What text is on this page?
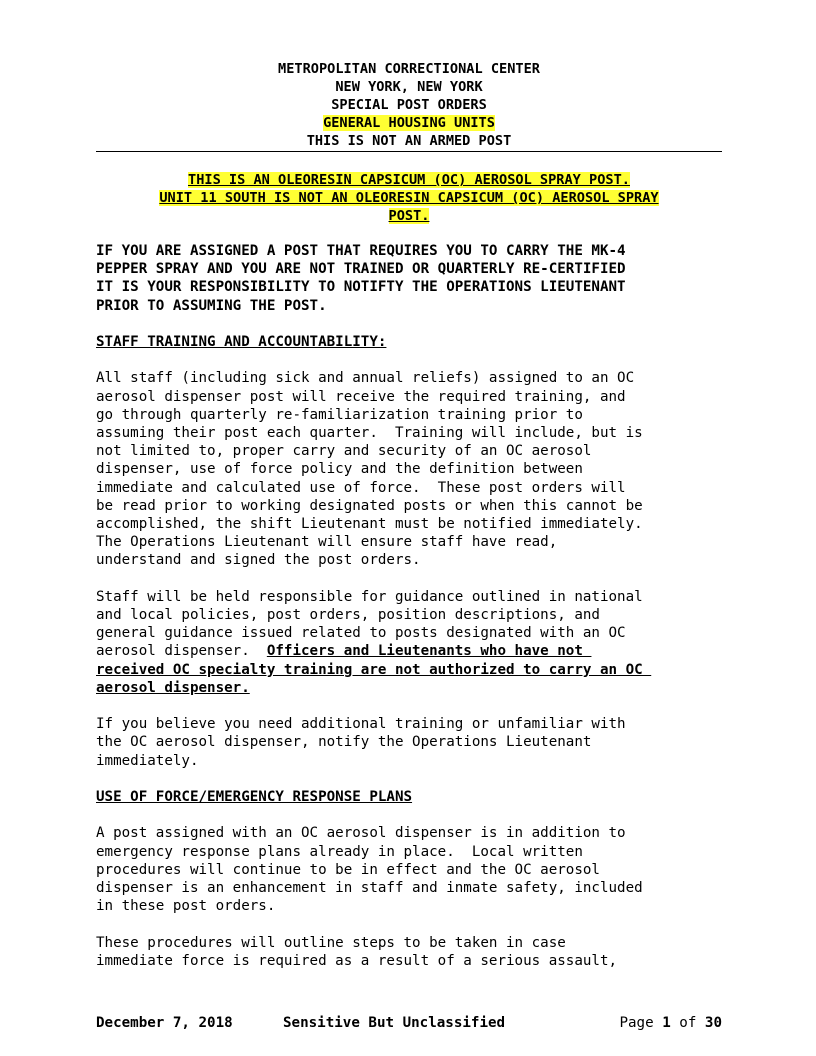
METROPOLITAN CORRECTIONAL CENTER
NEW YORK, NEW YORK
SPECIAL POST ORDERS
GENERAL HOUSING UNITS
THIS IS NOT AN ARMED POST
THIS IS AN OLEORESIN CAPSICUM (OC) AEROSOL SPRAY POST.
UNIT 11 SOUTH IS NOT AN OLEORESIN CAPSICUM (OC) AEROSOL SPRAY
POST.

IF YOU ARE ASSIGNED A POST THAT REQUIRES YOU TO CARRY THE MK-4
PEPPER SPRAY AND YOU ARE NOT TRAINED OR QUARTERLY RE-CERTIFIED
IT IS YOUR RESPONSIBILITY TO NOTIFTY THE OPERATIONS LIEUTENANT
PRIOR TO ASSUMING THE POST.

STAFF TRAINING AND ACCOUNTABILITY:

All staff (including sick and annual reliefs) assigned to an OC
aerosol dispenser post will receive the required training, and
go through quarterly re-familiarization training prior to
assuming their post each quarter.  Training will include, but is
not limited to, proper carry and security of an OC aerosol
dispenser, use of force policy and the definition between
immediate and calculated use of force.  These post orders will
be read prior to working designated posts or when this cannot be
accomplished, the shift Lieutenant must be notified immediately.
The Operations Lieutenant will ensure staff have read,
understand and signed the post orders.

Staff will be held responsible for guidance outlined in national
and local policies, post orders, position descriptions, and
general guidance issued related to posts designated with an OC
aerosol dispenser.  Officers and Lieutenants who have not
received OC specialty training are not authorized to carry an OC
aerosol dispenser.

If you believe you need additional training or unfamiliar with
the OC aerosol dispenser, notify the Operations Lieutenant
immediately.

USE OF FORCE/EMERGENCY RESPONSE PLANS

A post assigned with an OC aerosol dispenser is in addition to
emergency response plans already in place.  Local written
procedures will continue to be in effect and the OC aerosol
dispenser is an enhancement in staff and inmate safety, included
in these post orders.

These procedures will outline steps to be taken in case
immediate force is required as a result of a serious assault,

December 7, 2018	Sensitive But Unclassified	Page 1 of 30
